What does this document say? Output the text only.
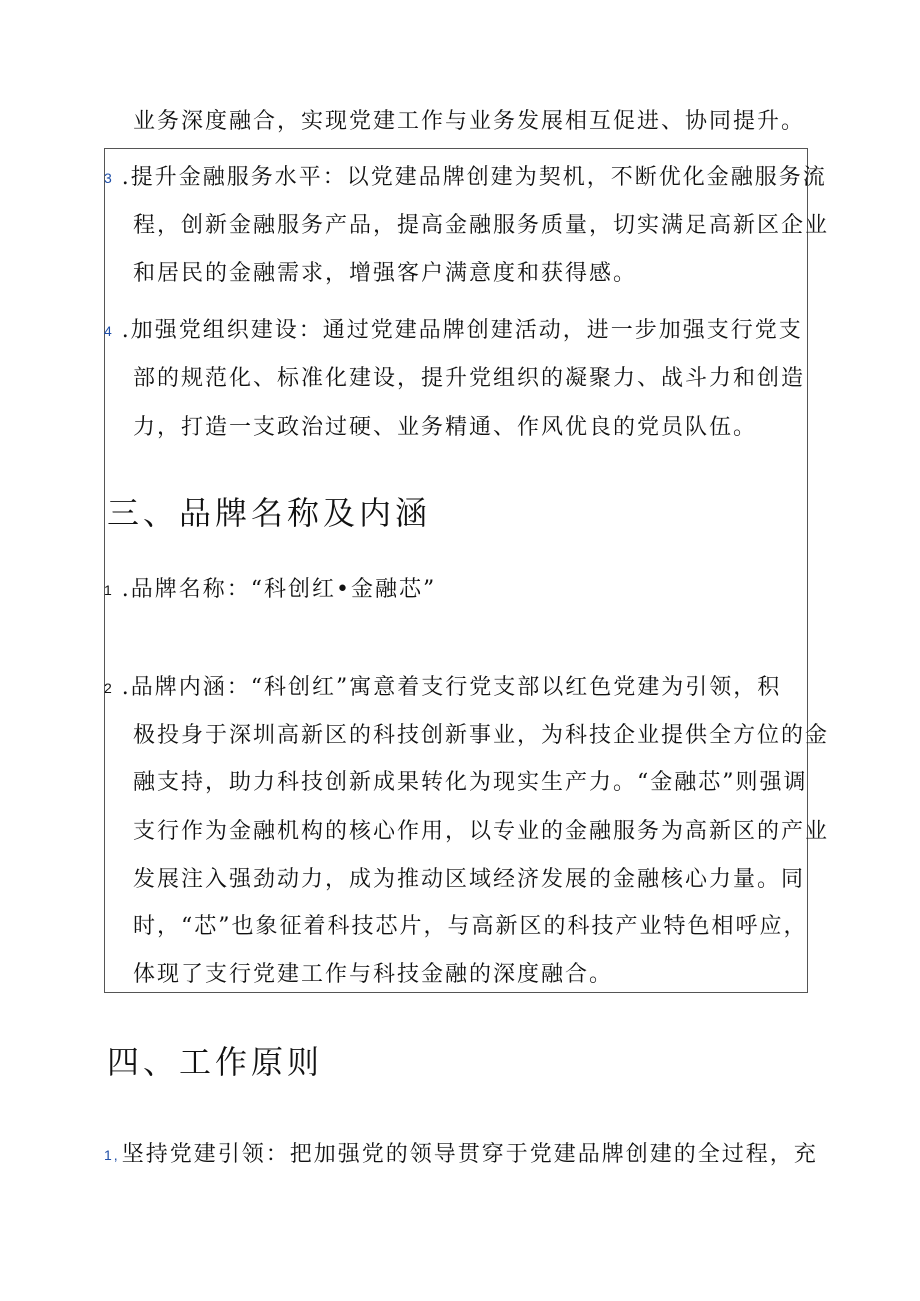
业务深度融合，实现党建工作与业务发展相互促进、协同提升。
3 .提升金融服务水平：以党建品牌创建为契机，不断优化金融服务流
程，创新金融服务产品，提高金融服务质量，切实满足高新区企业
和居民的金融需求，增强客户满意度和获得感。
4 .加强党组织建设：通过党建品牌创建活动，进一步加强支行党支
部的规范化、标准化建设，提升党组织的凝聚力、战斗力和创造
力，打造一支政治过硬、业务精通、作风优良的党员队伍。
三、品牌名称及内涵
1 .品牌名称：“科创红•金融芯”
2 .品牌内涵：“科创红”寓意着支行党支部以红色党建为引领，积
极投身于深圳高新区的科技创新事业，为科技企业提供全方位的金
融支持，助力科技创新成果转化为现实生产力。“金融芯”则强调
支行作为金融机构的核心作用，以专业的金融服务为高新区的产业
发展注入强劲动力，成为推动区域经济发展的金融核心力量。同
时，“芯”也象征着科技芯片，与高新区的科技产业特色相呼应，
体现了支行党建工作与科技金融的深度融合。
四、工作原则
1,坚持党建引领：把加强党的领导贯穿于党建品牌创建的全过程，充
